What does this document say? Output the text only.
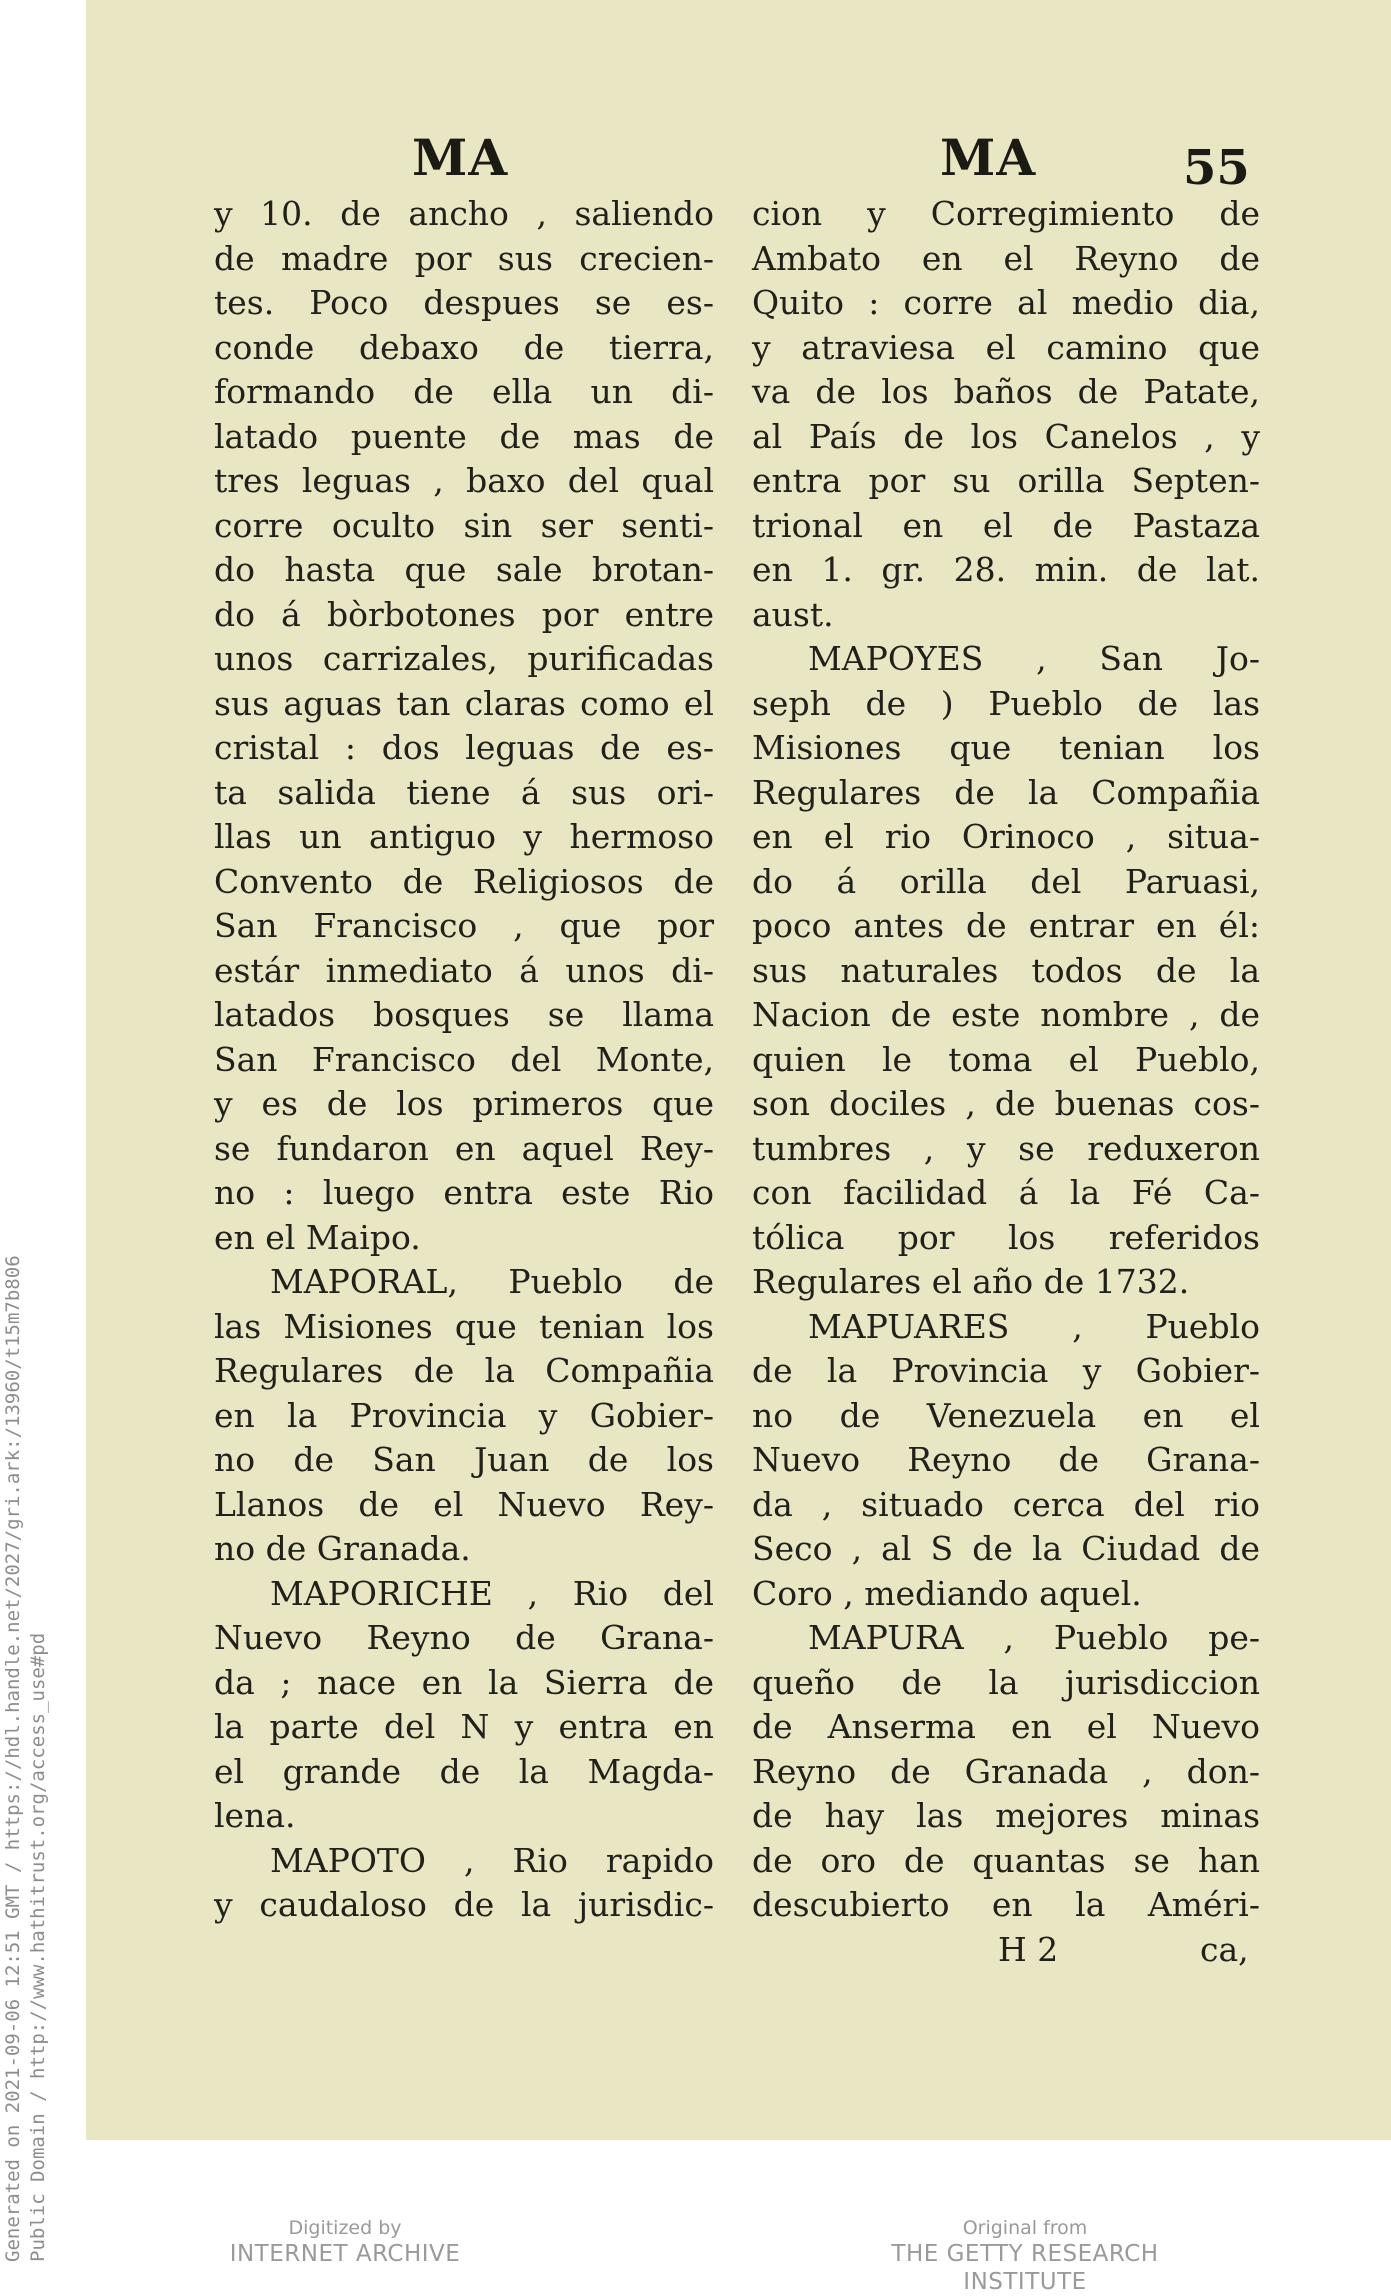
Generated on 2021-09-06 12:51 GMT / https://hdl.handle.net/2027/gri.ark:/13960/t15m7b806 Public Domain / http://www.hathitrust.org/access_use#pd
MA	MA	55
y 10. de ancho , saliendo
de madre por sus crecien-
tes. Poco despues se es-
conde debaxo de tierra,
formando de ella un di-
latado puente de mas de
tres leguas , baxo del qual
corre oculto sin ser senti-
do hasta que sale brotan-
do á bòrbotones por entre
unos carrizales, purificadas
sus aguas tan claras como el
cristal : dos leguas de es-
ta salida tiene á sus ori-
llas un antiguo y hermoso
Convento de Religiosos de
San Francisco , que por
estár inmediato á unos di-
latados bosques se llama
San Francisco del Monte,
y es de los primeros que
se fundaron en aquel Rey-
no : luego entra este Rio
en el Maipo.
MAPORAL, Pueblo de
las Misiones que tenian los
Regulares de la Compañia
en la Provincia y Gobier-
no de San Juan de los
Llanos de el Nuevo Rey-
no de Granada.
MAPORICHE , Rio del
Nuevo Reyno de Grana-
da ; nace en la Sierra de
la parte del N y entra en
el grande de la Magda-
lena.
MAPOTO , Rio rapido
y caudaloso de la jurisdic-
cion y Corregimiento de
Ambato en el Reyno de
Quito : corre al medio dia,
y atraviesa el camino que
va de los baños de Patate,
al País de los Canelos , y
entra por su orilla Septen-
trional en el de Pastaza
en 1. gr. 28. min. de lat.
aust.
MAPOYES , San Jo-
seph de ) Pueblo de las
Misiones que tenian los
Regulares de la Compañia
en el rio Orinoco , situa-
do á orilla del Paruasi,
poco antes de entrar en él:
sus naturales todos de la
Nacion de este nombre , de
quien le toma el Pueblo,
son dociles , de buenas cos-
tumbres , y se reduxeron
con facilidad á la Fé Ca-
tólica por los referidos
Regulares el año de 1732.
MAPUARES , Pueblo
de la Provincia y Gobier-
no de Venezuela en el
Nuevo Reyno de Grana-
da , situado cerca del rio
Seco , al S de la Ciudad de
Coro , mediando aquel.
MAPURA , Pueblo pe-
queño de la jurisdiccion
de Anserma en el Nuevo
Reyno de Granada , don-
de hay las mejores minas
de oro de quantas se han
descubierto en la Améri-
H 2	ca,
Digitized by
INTERNET ARCHIVE
Original from
THE GETTY RESEARCH INSTITUTE
